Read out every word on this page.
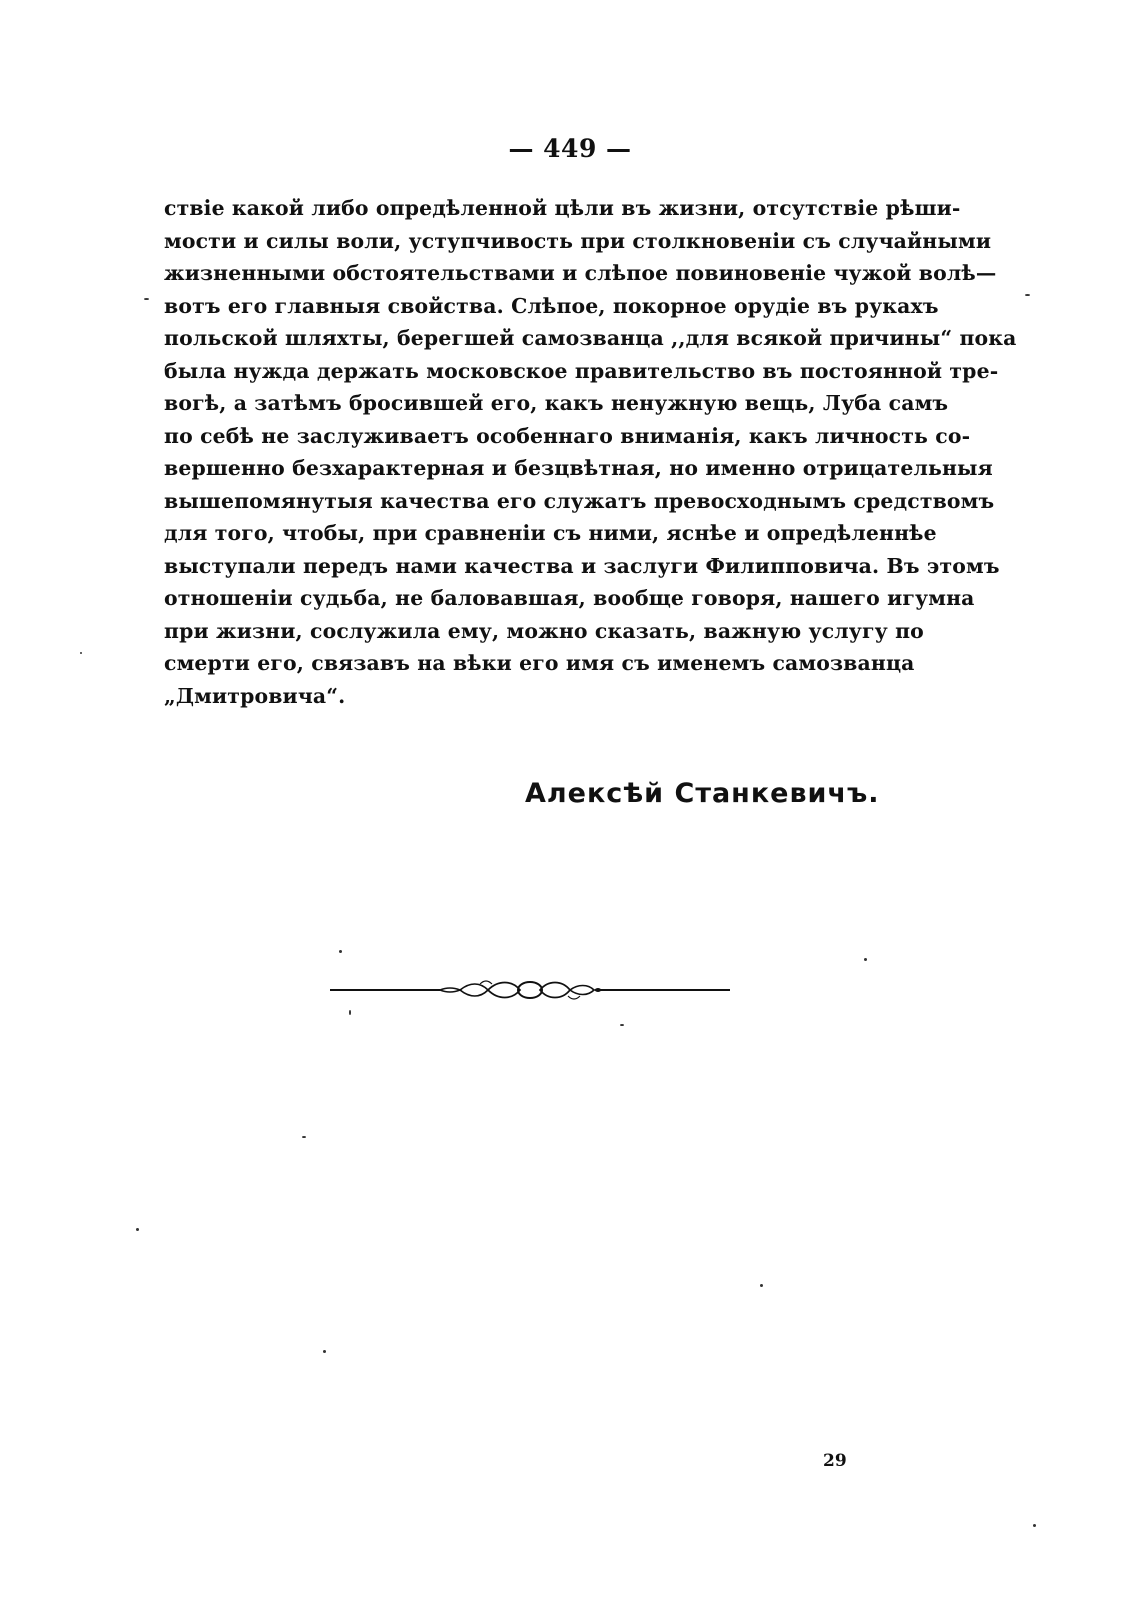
— 449 —
ствіе какой либо опредѣленной цѣли въ жизни, отсутствіе рѣши-
мости и силы воли, уступчивость при столкновеніи съ случайными
жизненными обстоятельствами и слѣпое повиновеніе чужой волѣ—
вотъ его главныя свойства. Слѣпое, покорное орудіе въ рукахъ
польской шляхты, берегшей самозванца ,,для всякой причины“ пока
была нужда держать московское правительство въ постоянной тре-
вогѣ, а затѣмъ бросившей его, какъ ненужную вещь, Луба самъ
по себѣ не заслуживаетъ особеннаго вниманія, какъ личность со-
вершенно безхарактерная и безцвѣтная, но именно отрицательныя
вышепомянутыя качества его служатъ превосходнымъ средствомъ
для того, чтобы, при сравненіи съ ними, яснѣе и опредѣленнѣе
выступали передъ нами качества и заслуги Филипповича. Въ этомъ
отношеніи судьба, не баловавшая, вообще говоря, нашего игумна
при жизни, сослужила ему, можно сказать, важную услугу по
смерти его, связавъ на вѣки его имя съ именемъ самозванца
„Дмитровича“.
Алексѣй Станкевичъ.
29
